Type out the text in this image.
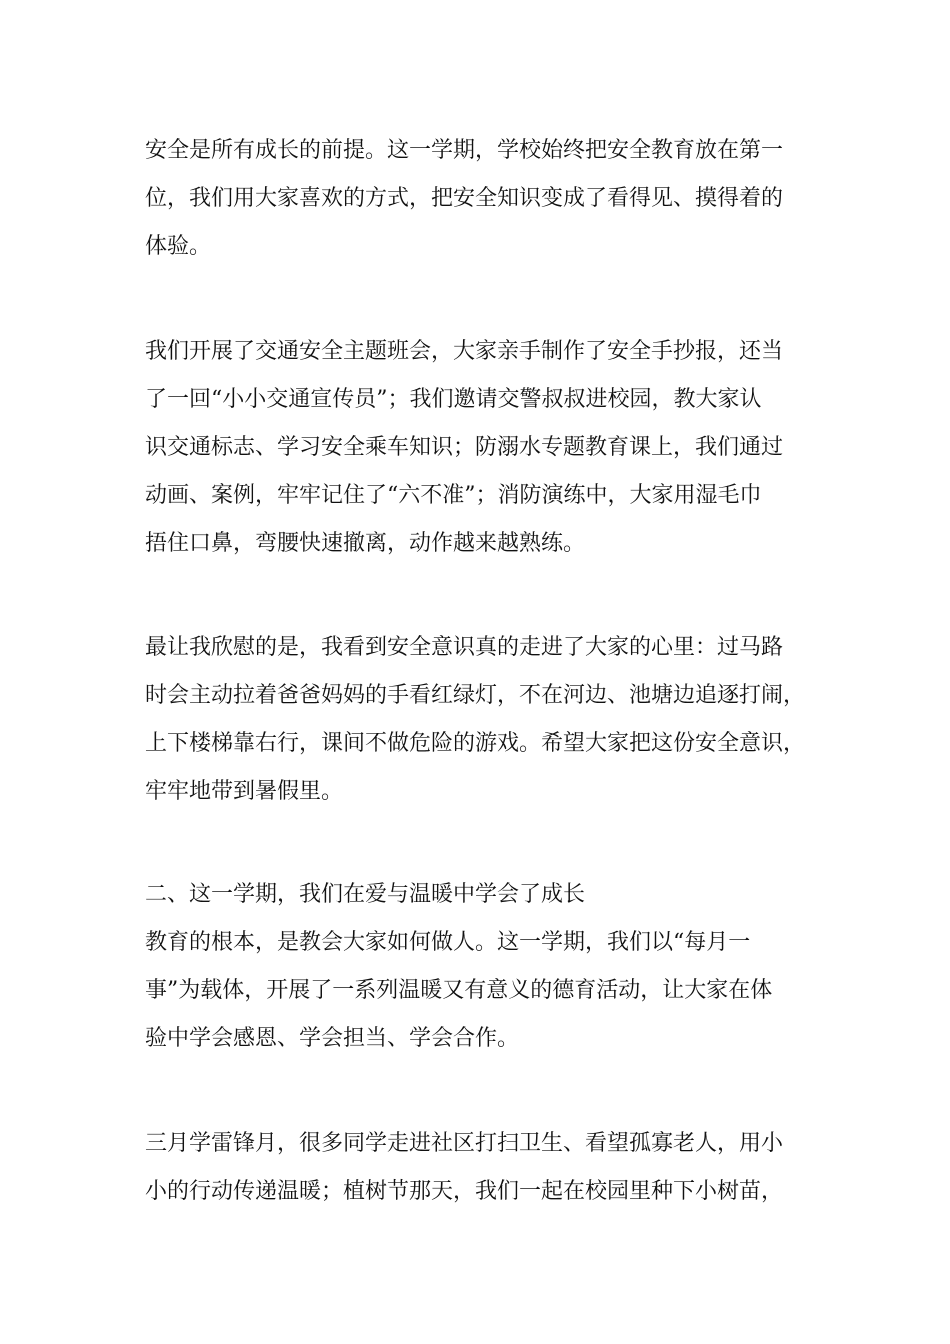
安全是所有成长的前提。这一学期，学校始终把安全教育放在第一
位，我们用大家喜欢的方式，把安全知识变成了看得见、摸得着的
体验。
我们开展了交通安全主题班会，大家亲手制作了安全手抄报，还当
了一回“小小交通宣传员”；我们邀请交警叔叔进校园，教大家认
识交通标志、学习安全乘车知识；防溺水专题教育课上，我们通过
动画、案例，牢牢记住了“六不准”；消防演练中，大家用湿毛巾
捂住口鼻，弯腰快速撤离，动作越来越熟练。
最让我欣慰的是，我看到安全意识真的走进了大家的心里：过马路
时会主动拉着爸爸妈妈的手看红绿灯，不在河边、池塘边追逐打闹，
上下楼梯靠右行，课间不做危险的游戏。希望大家把这份安全意识，
牢牢地带到暑假里。
二、这一学期，我们在爱与温暖中学会了成长
教育的根本，是教会大家如何做人。这一学期，我们以“每月一
事”为载体，开展了一系列温暖又有意义的德育活动，让大家在体
验中学会感恩、学会担当、学会合作。
三月学雷锋月，很多同学走进社区打扫卫生、看望孤寡老人，用小
小的行动传递温暖；植树节那天，我们一起在校园里种下小树苗，
